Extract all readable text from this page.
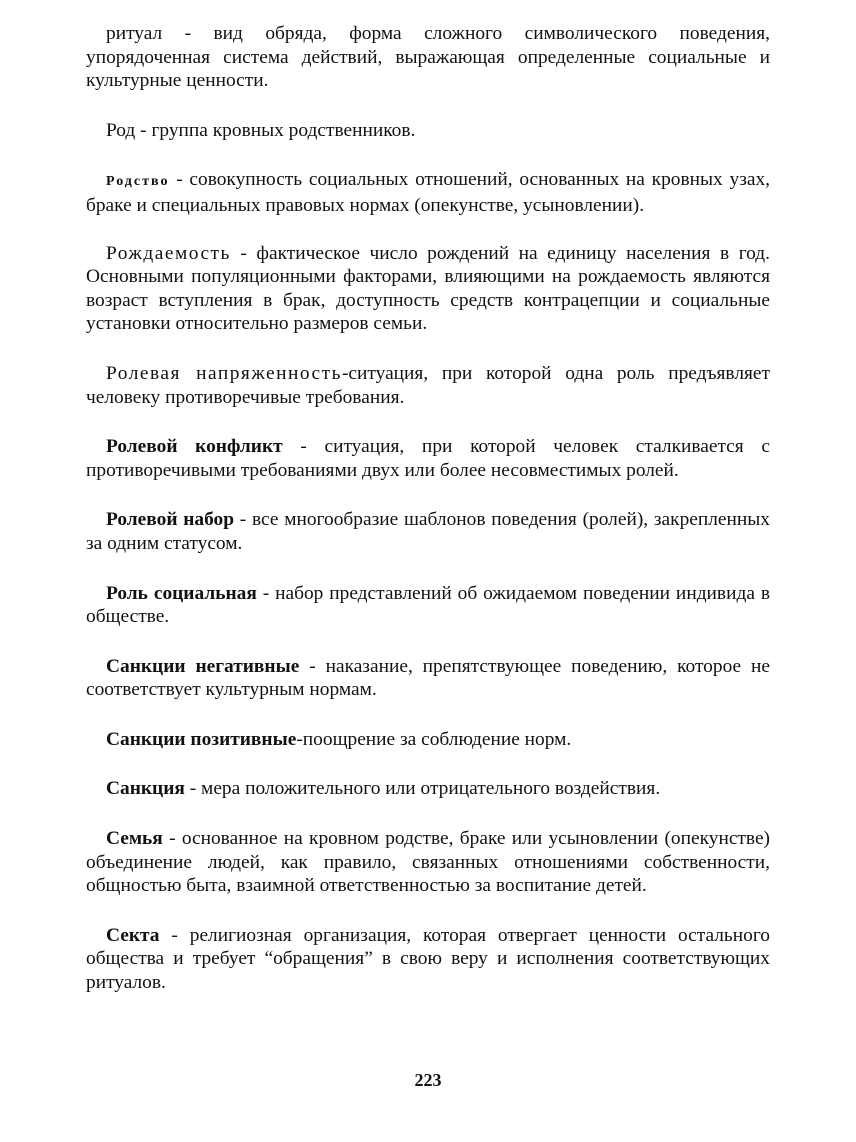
ритуал - вид обряда, форма сложного символического поведения, упорядоченная система действий, выражающая определенные социальные и культурные ценности.

Род - группа кровных родственников.

Родство - совокупность социальных отношений, основанных на кровных узах, браке и специальных правовых нормах (опекунстве, усыновлении).

Рождаемость - фактическое число рождений на единицу населения в год. Основными популяционными факторами, влияющими на рождаемость являются возраст вступления в брак, доступность средств контрацепции и социальные установки относительно размеров семьи.

Ролевая напряженность-ситуация, при которой одна роль предъявляет человеку противоречивые требования.

Ролевой конфликт - ситуация, при которой человек сталкивается с противоречивыми требованиями двух или более несовместимых ролей.

Ролевой набор - все многообразие шаблонов поведения (ролей), закрепленных за одним статусом.

Роль социальная - набор представлений об ожидаемом поведении индивида в обществе.

Санкции негативные - наказание, препятствующее поведению, которое не соответствует культурным нормам.

Санкции позитивные-поощрение за соблюдение норм.

Санкция - мера положительного или отрицательного воздействия.

Семья - основанное на кровном родстве, браке или усыновлении (опекунстве) объединение людей, как правило, связанных отношениями собственности, общностью быта, взаимной ответственностью за воспитание детей.

Секта - религиозная организация, которая отвергает ценности остального общества и требует “обращения” в свою веру и исполнения соответствующих ритуалов.

223
